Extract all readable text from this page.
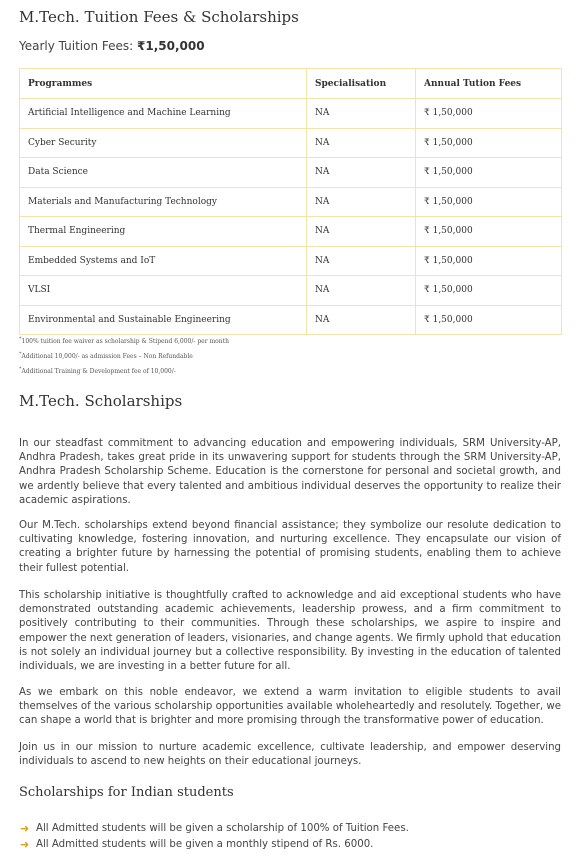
M.Tech. Tuition Fees & Scholarships
Yearly Tuition Fees: ₹1,50,000
Programmes	Specialisation	Annual Tution Fees
Artificial Intelligence and Machine Learning	NA	₹ 1,50,000
Cyber Security	NA	₹ 1,50,000
Data Science	NA	₹ 1,50,000
Materials and Manufacturing Technology	NA	₹ 1,50,000
Thermal Engineering	NA	₹ 1,50,000
Embedded Systems and IoT	NA	₹ 1,50,000
VLSI	NA	₹ 1,50,000
Environmental and Sustainable Engineering	NA	₹ 1,50,000
*100% tuition fee waiver as scholarship & Stipend 6,000/- per month
*Additional 10,000/- as admission Fees – Non Refundable
*Additional Training & Development fee of 10,000/-
M.Tech. Scholarships

In our steadfast commitment to advancing education and empowering individuals, SRM University-AP, Andhra Pradesh, takes great pride in its unwavering support for students through the SRM University-AP, Andhra Pradesh Scholarship Scheme. Education is the cornerstone for personal and societal growth, and we ardently believe that every talented and ambitious individual deserves the opportunity to realize their academic aspirations.

Our M.Tech. scholarships extend beyond financial assistance; they symbolize our resolute dedication to cultivating knowledge, fostering innovation, and nurturing excellence. They encapsulate our vision of creating a brighter future by harnessing the potential of promising students, enabling them to achieve their fullest potential.

This scholarship initiative is thoughtfully crafted to acknowledge and aid exceptional students who have demonstrated outstanding academic achievements, leadership prowess, and a firm commitment to positively contributing to their communities. Through these scholarships, we aspire to inspire and empower the next generation of leaders, visionaries, and change agents. We firmly uphold that education is not solely an individual journey but a collective responsibility. By investing in the education of talented individuals, we are investing in a better future for all.

As we embark on this noble endeavor, we extend a warm invitation to eligible students to avail themselves of the various scholarship opportunities available wholeheartedly and resolutely. Together, we can shape a world that is brighter and more promising through the transformative power of education.

Join us in our mission to nurture academic excellence, cultivate leadership, and empower deserving individuals to ascend to new heights on their educational journeys.

Scholarships for Indian students
➜ All Admitted students will be given a scholarship of 100% of Tuition Fees.
➜ All Admitted students will be given a monthly stipend of Rs. 6000.
